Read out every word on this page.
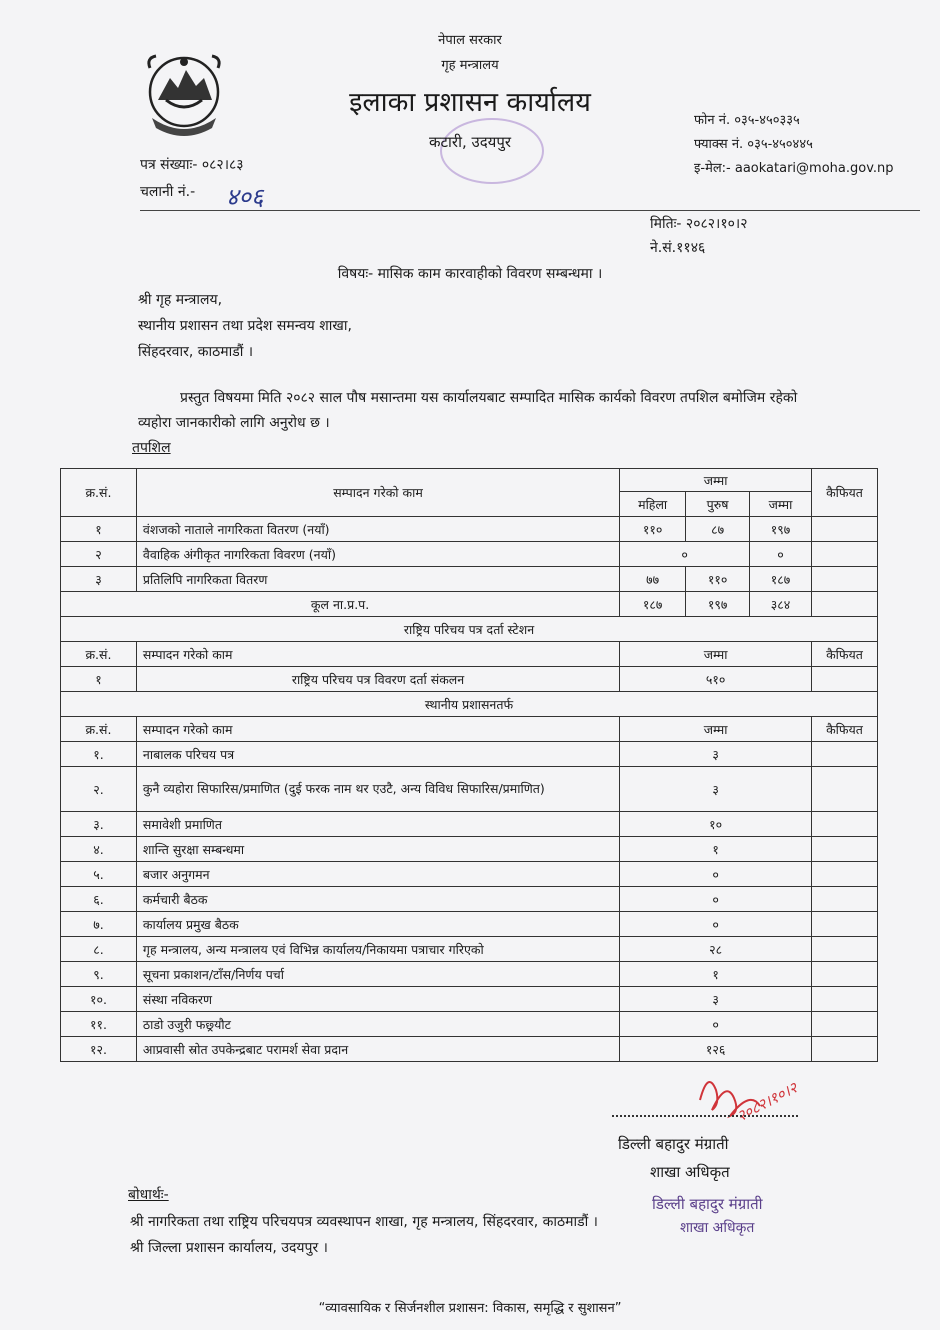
नेपाल सरकार
गृह मन्त्रालय
इलाका प्रशासन कार्यालय
कटारी, उदयपुर
फोन नं. ०३५-४५०३३५
फ्याक्स नं. ०३५-४५०४४५
इ-मेल:- aaokatari@moha.gov.np
पत्र संख्याः- ०८२।८३
चलानी नं.- ४०६
मितिः- २०८२।१०।२
ने.सं.११४६
विषयः- मासिक काम कारवाहीको विवरण सम्बन्धमा ।
श्री गृह मन्त्रालय,
स्थानीय प्रशासन तथा प्रदेश समन्वय शाखा,
सिंहदरवार, काठमाडौं ।
प्रस्तुत विषयमा मिति २०८२ साल पौष मसान्तमा यस कार्यालयबाट सम्पादित मासिक कार्यको विवरण तपशिल बमोजिम रहेको व्यहोरा जानकारीको लागि अनुरोध छ ।
तपशिल
क्र.सं.	सम्पादन गरेको काम	जम्मा			कैफियत
		महिला	पुरुष	जम्मा	
१	वंशजको नाताले नागरिकता वितरण (नयाँ)	११०	८७	१९७	
२	वैवाहिक अंगीकृत नागरिकता विवरण (नयाँ)	०		०	
३	प्रतिलिपि नागरिकता वितरण	७७	११०	१८७	
कूल ना.प्र.प.		१८७	१९७	३८४	
राष्ट्रिय परिचय पत्र दर्ता स्टेशन					
क्र.सं.	सम्पादन गरेको काम	जम्मा			कैफियत
१	राष्ट्रिय परिचय पत्र विवरण दर्ता संकलन	५१०			
स्थानीय प्रशासनतर्फ					
क्र.सं.	सम्पादन गरेको काम	जम्मा			कैफियत
१.	नाबालक परिचय पत्र	३			
२.	कुनै व्यहोरा सिफारिस/प्रमाणित (दुई फरक नाम थर एउटै, अन्य विविध सिफारिस/प्रमाणित)	३			
३.	समावेशी प्रमाणित	१०			
४.	शान्ति सुरक्षा सम्बन्धमा	१			
५.	बजार अनुगमन	०			
६.	कर्मचारी बैठक	०			
७.	कार्यालय प्रमुख बैठक	०			
८.	गृह मन्त्रालय, अन्य मन्त्रालय एवं विभिन्न कार्यालय/निकायमा पत्राचार गरिएको	२८			
९.	सूचना प्रकाशन/टाँस/निर्णय पर्चा	१			
१०.	संस्था नविकरण	३			
११.	ठाडो उजुरी फछ्र्यौट	०			
१२.	आप्रवासी स्रोत उपकेन्द्रबाट परामर्श सेवा प्रदान	१२६			
२०८२।१०।२
डिल्ली बहादुर मंग्राती
शाखा अधिकृत
डिल्ली बहादुर मंग्राती
शाखा अधिकृत
बोधार्थः-
श्री नागरिकता तथा राष्ट्रिय परिचयपत्र व्यवस्थापन शाखा, गृह मन्त्रालय, सिंहदरवार, काठमाडौं ।
श्री जिल्ला प्रशासन कार्यालय, उदयपुर ।
“व्यावसायिक र सिर्जनशील प्रशासन: विकास, समृद्धि र सुशासन”
